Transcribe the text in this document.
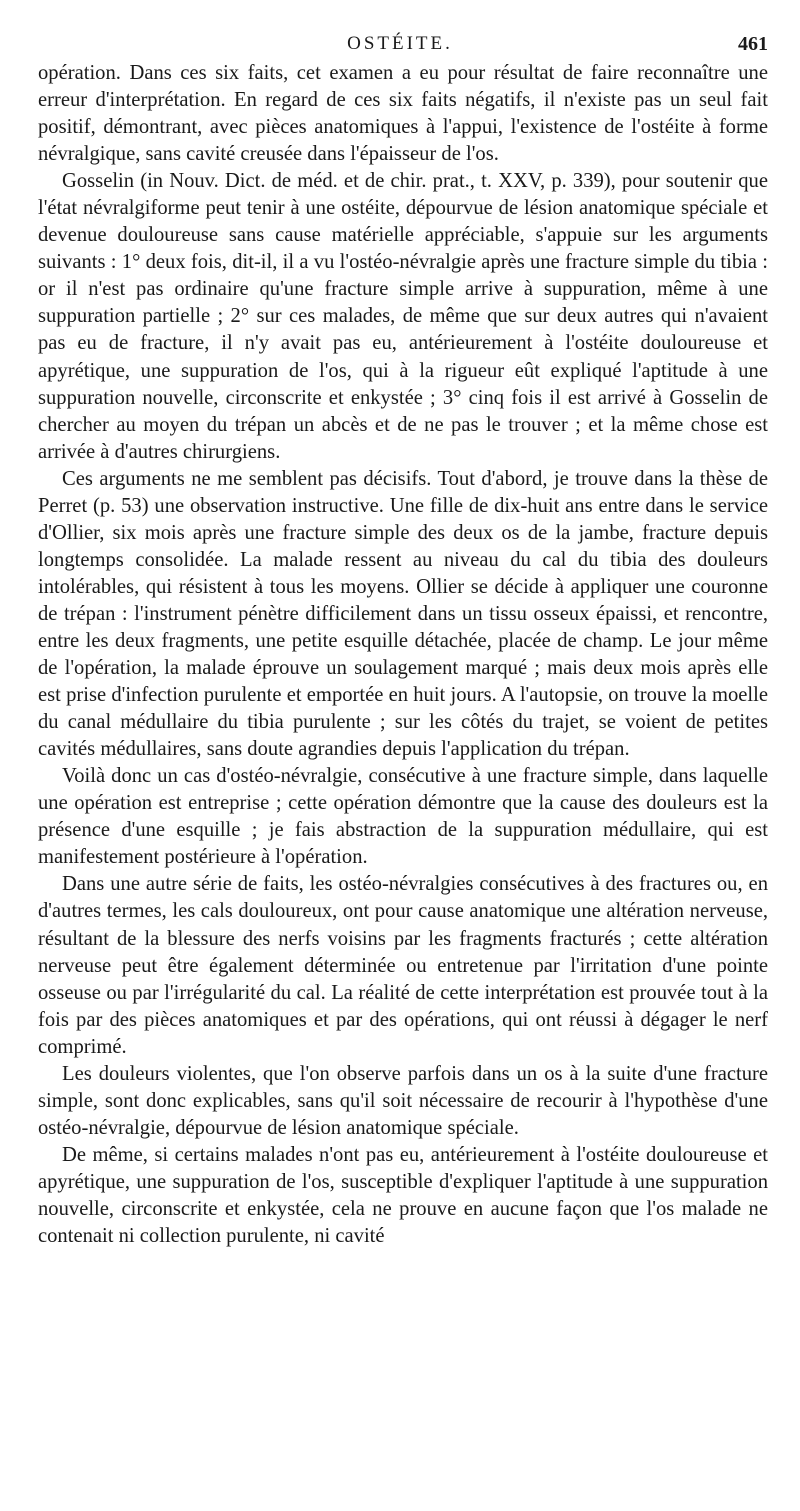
OSTÉITE.	461

opération. Dans ces six faits, cet examen a eu pour résultat de faire reconnaître une erreur d'interprétation. En regard de ces six faits négatifs, il n'existe pas un seul fait positif, démontrant, avec pièces anatomiques à l'appui, l'existence de l'ostéite à forme névralgique, sans cavité creusée dans l'épaisseur de l'os.

Gosselin (in Nouv. Dict. de méd. et de chir. prat., t. XXV, p. 339), pour soutenir que l'état névralgiforme peut tenir à une ostéite, dépourvue de lésion anatomique spéciale et devenue douloureuse sans cause matérielle appréciable, s'appuie sur les arguments suivants : 1° deux fois, dit-il, il a vu l'ostéo-névralgie après une fracture simple du tibia : or il n'est pas ordinaire qu'une fracture simple arrive à suppuration, même à une suppuration partielle ; 2° sur ces malades, de même que sur deux autres qui n'avaient pas eu de fracture, il n'y avait pas eu, antérieurement à l'ostéite douloureuse et apyrétique, une suppuration de l'os, qui à la rigueur eût expliqué l'aptitude à une suppuration nouvelle, circonscrite et enkystée ; 3° cinq fois il est arrivé à Gosselin de chercher au moyen du trépan un abcès et de ne pas le trouver ; et la même chose est arrivée à d'autres chirurgiens.

Ces arguments ne me semblent pas décisifs. Tout d'abord, je trouve dans la thèse de Perret (p. 53) une observation instructive. Une fille de dix-huit ans entre dans le service d'Ollier, six mois après une fracture simple des deux os de la jambe, fracture depuis longtemps consolidée. La malade ressent au niveau du cal du tibia des douleurs intolérables, qui résistent à tous les moyens. Ollier se décide à appliquer une couronne de trépan : l'instrument pénètre difficilement dans un tissu osseux épaissi, et rencontre, entre les deux fragments, une petite esquille détachée, placée de champ. Le jour même de l'opération, la malade éprouve un soulagement marqué ; mais deux mois après elle est prise d'infection purulente et emportée en huit jours. A l'autopsie, on trouve la moelle du canal médullaire du tibia purulente ; sur les côtés du trajet, se voient de petites cavités médullaires, sans doute agrandies depuis l'application du trépan.

Voilà donc un cas d'ostéo-névralgie, consécutive à une fracture simple, dans laquelle une opération est entreprise ; cette opération démontre que la cause des douleurs est la présence d'une esquille ; je fais abstraction de la suppuration médullaire, qui est manifestement postérieure à l'opération.

Dans une autre série de faits, les ostéo-névralgies consécutives à des fractures ou, en d'autres termes, les cals douloureux, ont pour cause anatomique une altération nerveuse, résultant de la blessure des nerfs voisins par les fragments fracturés ; cette altération nerveuse peut être également déterminée ou entretenue par l'irritation d'une pointe osseuse ou par l'irrégularité du cal. La réalité de cette interprétation est prouvée tout à la fois par des pièces anatomiques et par des opérations, qui ont réussi à dégager le nerf comprimé.

Les douleurs violentes, que l'on observe parfois dans un os à la suite d'une fracture simple, sont donc explicables, sans qu'il soit nécessaire de recourir à l'hypothèse d'une ostéo-névralgie, dépourvue de lésion anatomique spéciale.

De même, si certains malades n'ont pas eu, antérieurement à l'ostéite douloureuse et apyrétique, une suppuration de l'os, susceptible d'expliquer l'aptitude à une suppuration nouvelle, circonscrite et enkystée, cela ne prouve en aucune façon que l'os malade ne contenait ni collection purulente, ni cavité
